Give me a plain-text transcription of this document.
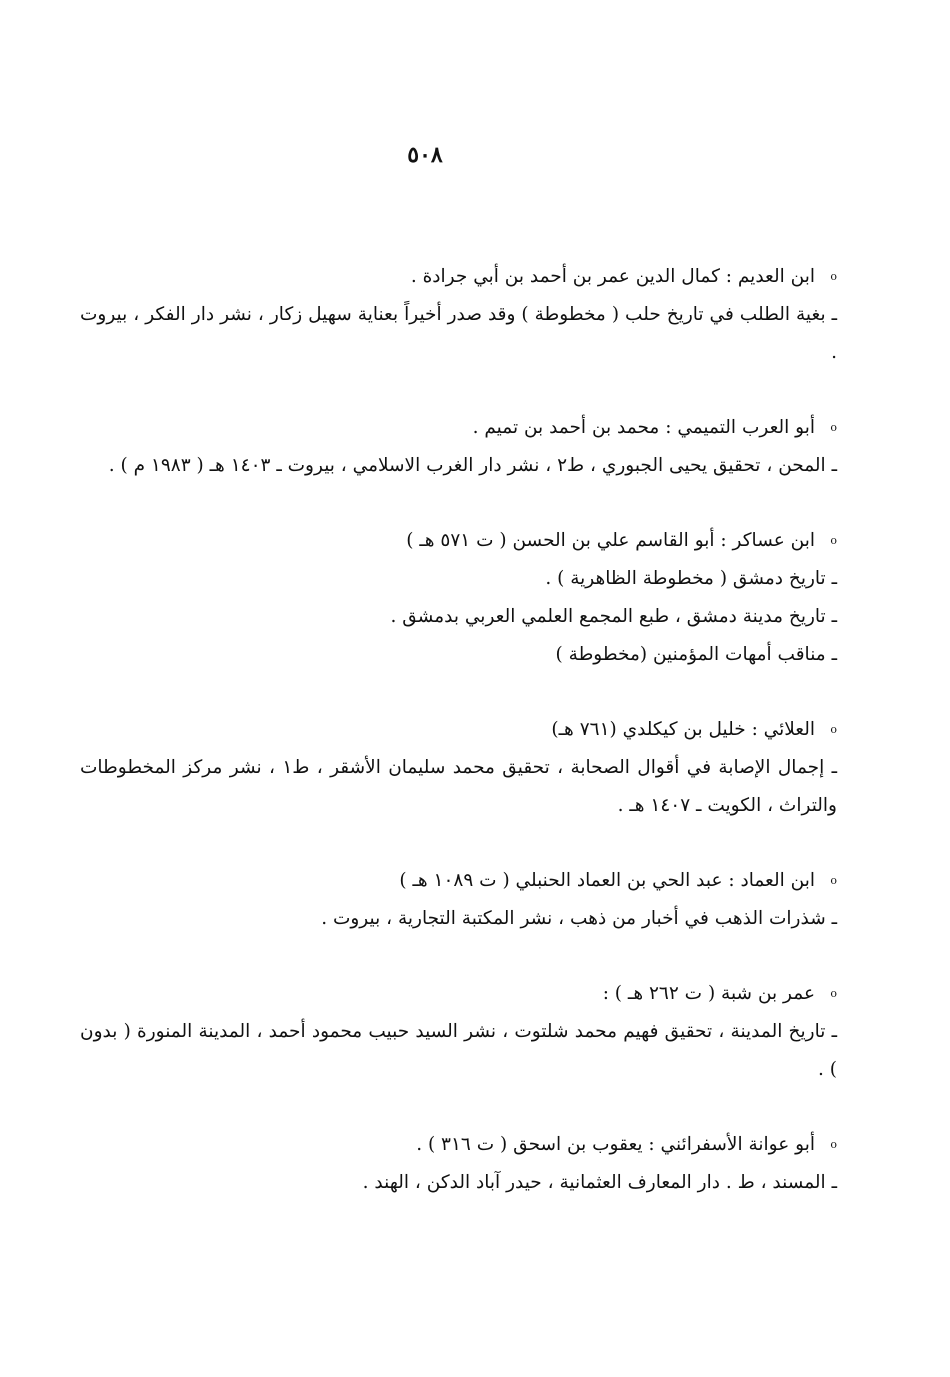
٥٠٨
oابن العديم : كمال الدين عمر بن أحمد بن أبي جرادة .
ـ بغية الطلب في تاريخ حلب ( مخطوطة ) وقد صدر أخيراً بعناية سهيل زكار ، نشر دار الفكر ، بيروت .
oأبو العرب التميمي : محمد بن أحمد بن تميم .
ـ المحن ، تحقيق يحيى الجبوري ، ط٢ ، نشر دار الغرب الاسلامي ، بيروت ـ ١٤٠٣ هـ ( ١٩٨٣ م ) .
oابن عساكر : أبو القاسم علي بن الحسن ( ت ٥٧١ هـ )
ـ تاريخ دمشق ( مخطوطة الظاهرية ) .
ـ تاريخ مدينة دمشق ، طبع المجمع العلمي العربي بدمشق .
ـ مناقب أمهات المؤمنين (مخطوطة )
oالعلائي : خليل بن كيكلدي (٧٦١ هـ)
ـ إجمال الإصابة في أقوال الصحابة ، تحقيق محمد سليمان الأشقر ، ط١ ، نشر مركز المخطوطات والتراث ، الكويت ـ ١٤٠٧ هـ .
oابن العماد : عبد الحي بن العماد الحنبلي ( ت ١٠٨٩ هـ )
ـ شذرات الذهب في أخبار من ذهب ، نشر المكتبة التجارية ، بيروت .
oعمر بن شبة ( ت ٢٦٢ هـ ) :
ـ تاريخ المدينة ، تحقيق فهيم محمد شلتوت ، نشر السيد حبيب محمود أحمد ، المدينة المنورة ( بدون ) .
oأبو عوانة الأسفرائني : يعقوب بن اسحق ( ت ٣١٦ ) .
ـ المسند ، ط . دار المعارف العثمانية ، حيدر آباد الدكن ، الهند .
